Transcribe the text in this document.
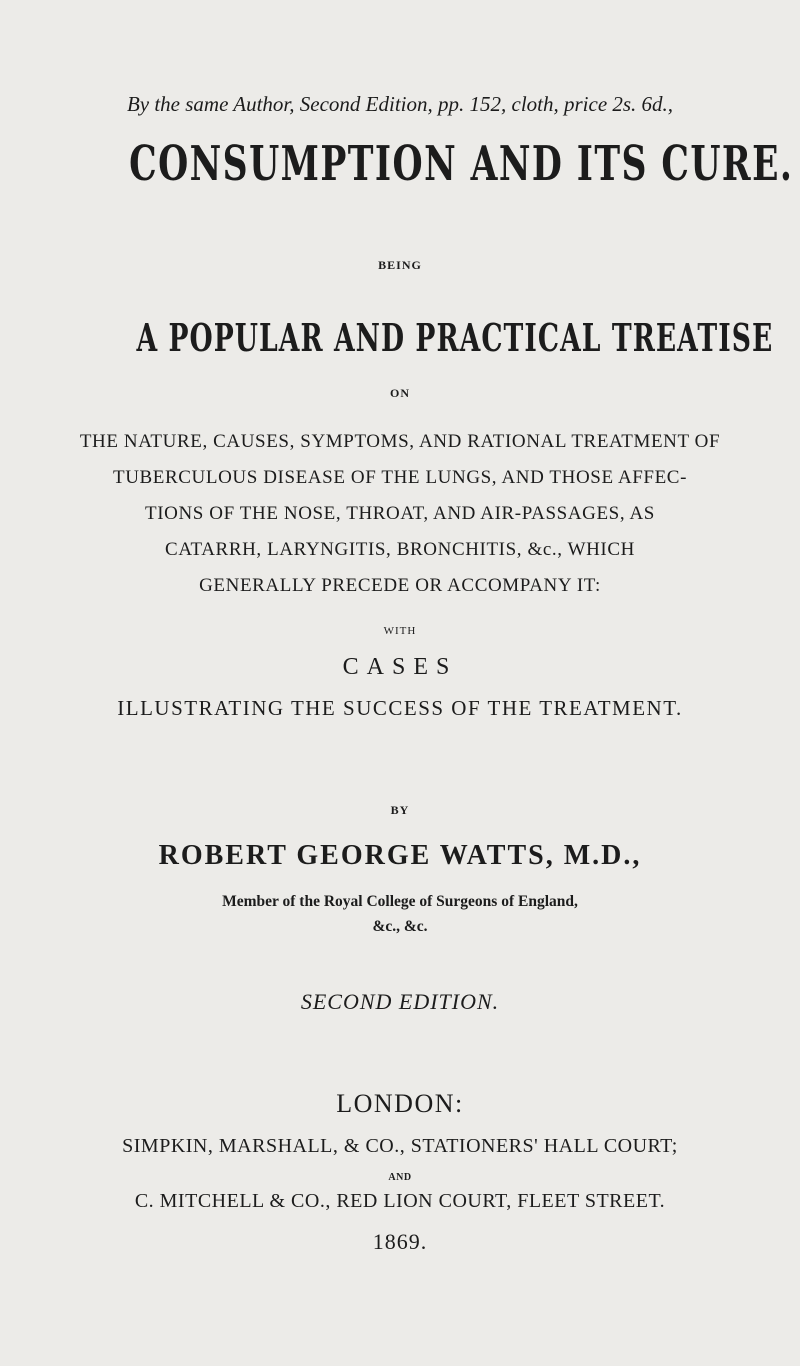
By the same Author, Second Edition, pp. 152, cloth, price 2s. 6d.,

CONSUMPTION AND ITS CURE.

BEING

A POPULAR AND PRACTICAL TREATISE

ON

THE NATURE, CAUSES, SYMPTOMS, AND RATIONAL TREATMENT OF

TUBERCULOUS DISEASE OF THE LUNGS, AND THOSE AFFEC-

TIONS OF THE NOSE, THROAT, AND AIR-PASSAGES, AS

CATARRH, LARYNGITIS, BRONCHITIS, &c., WHICH

GENERALLY PRECEDE OR ACCOMPANY IT:

WITH

CASES

ILLUSTRATING THE SUCCESS OF THE TREATMENT.

BY

ROBERT GEORGE WATTS, M.D.,

Member of the Royal College of Surgeons of England,

&c., &c.

SECOND EDITION.

LONDON:

SIMPKIN, MARSHALL, & CO., STATIONERS' HALL COURT;

AND

C. MITCHELL & CO., RED LION COURT, FLEET STREET.

1869.
